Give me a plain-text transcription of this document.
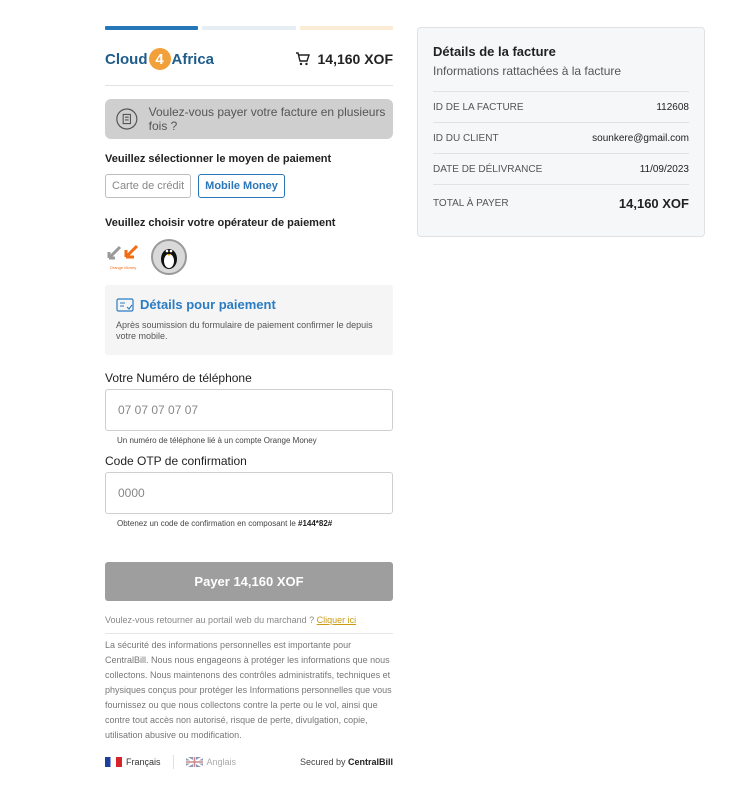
Cloud 4 Africa	14,160 XOF
Voulez-vous payer votre facture en plusieurs fois ?
Veuillez sélectionner le moyen de paiement
Carte de crédit	Mobile Money
Veuillez choisir votre opérateur de paiement
Orange Money
Détails pour paiement
Après soumission du formulaire de paiement confirmer le depuis votre mobile.
Votre Numéro de téléphone
07 07 07 07 07
Un numéro de téléphone lié à un compte Orange Money
Code OTP de confirmation
0000
Obtenez un code de confirmation en composant le #144*82#
Payer 14,160 XOF
Voulez-vous retourner au portail web du marchand ? Cliquer ici
La sécurité des informations personnelles est importante pour CentralBill. Nous nous engageons à protéger les informations que nous collectons. Nous maintenons des contrôles administratifs, techniques et physiques conçus pour protéger les Informations personnelles que vous fournissez ou que nous collectons contre la perte ou le vol, ainsi que contre tout accès non autorisé, risque de perte, divulgation, copie, utilisation abusive ou modification.
Français	Anglais	Secured by CentralBill
Détails de la facture
Informations rattachées à la facture
ID DE LA FACTURE	112608
ID DU CLIENT	sounkere@gmail.com
DATE DE DÉLIVRANCE	11/09/2023
TOTAL À PAYER	14,160 XOF
